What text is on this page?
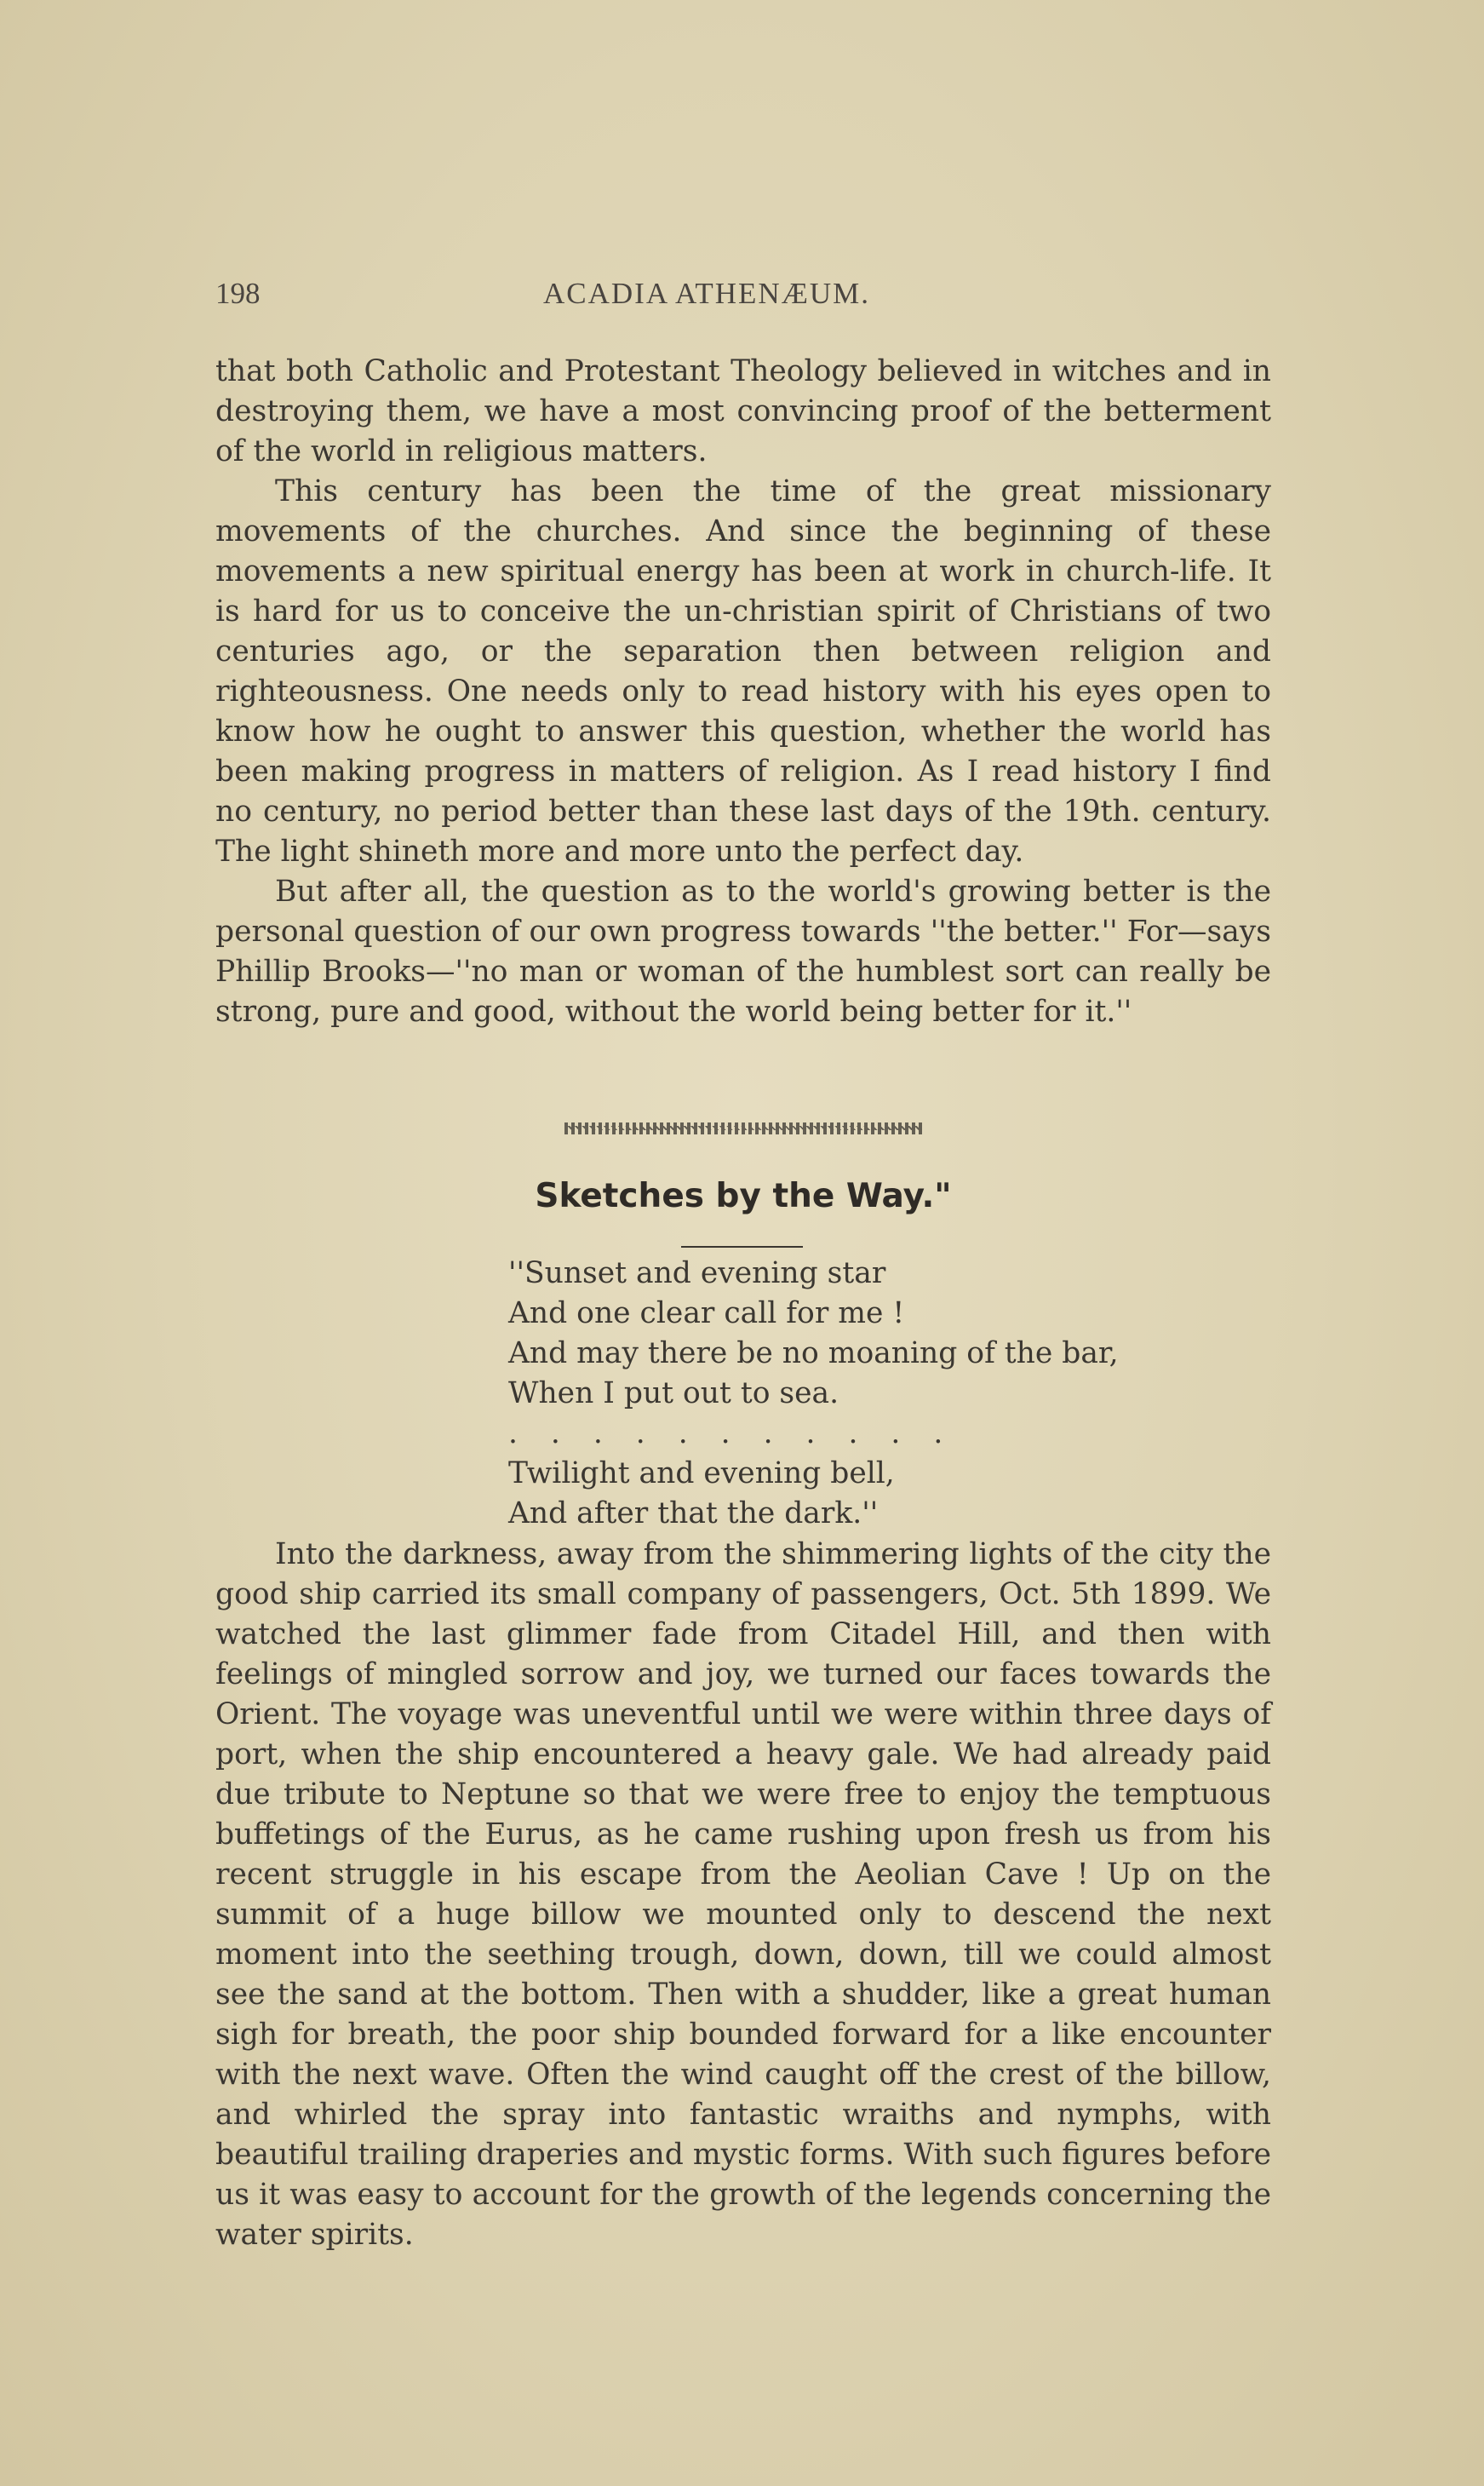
198	ACADIA ATHENÆUM.

that both Catholic and Protestant Theology believed in witches and in destroying them, we have a most convincing proof of the betterment of the world in religious matters.

This century has been the time of the great missionary movements of the churches. And since the beginning of these movements a new spiritual energy has been at work in church-life. It is hard for us to conceive the un-christian spirit of Christians of two centuries ago, or the separation then between religion and righteousness. One needs only to read history with his eyes open to know how he ought to answer this question, whether the world has been making progress in matters of religion. As I read history I find no century, no period better than these last days of the 19th. century. The light shineth more and more unto the perfect day.

But after all, the question as to the world's growing better is the personal question of our own progress towards ''the better.'' For—says Phillip Brooks—''no man or woman of the humblest sort can really be strong, pure and good, without the world being better for it.''

Sketches by the Way."
''Sunset and evening star
And one clear call for me !
And may there be no moaning of the bar,
When I put out to sea.
. . . . . . . . . . .
Twilight and evening bell,
And after that the dark.''

Into the darkness, away from the shimmering lights of the city the good ship carried its small company of passengers, Oct. 5th 1899. We watched the last glimmer fade from Citadel Hill, and then with feelings of mingled sorrow and joy, we turned our faces towards the Orient. The voyage was uneventful until we were within three days of port, when the ship encountered a heavy gale. We had already paid due tribute to Neptune so that we were free to enjoy the temptuous buffetings of the Eurus, as he came rushing upon fresh us from his recent struggle in his escape from the Aeolian Cave ! Up on the summit of a huge billow we mounted only to descend the next moment into the seething trough, down, down, till we could almost see the sand at the bottom. Then with a shudder, like a great human sigh for breath, the poor ship bounded forward for a like encounter with the next wave. Often the wind caught off the crest of the billow, and whirled the spray into fantastic wraiths and nymphs, with beautiful trailing draperies and mystic forms. With such figures before us it was easy to account for the growth of the legends concerning the water spirits.
